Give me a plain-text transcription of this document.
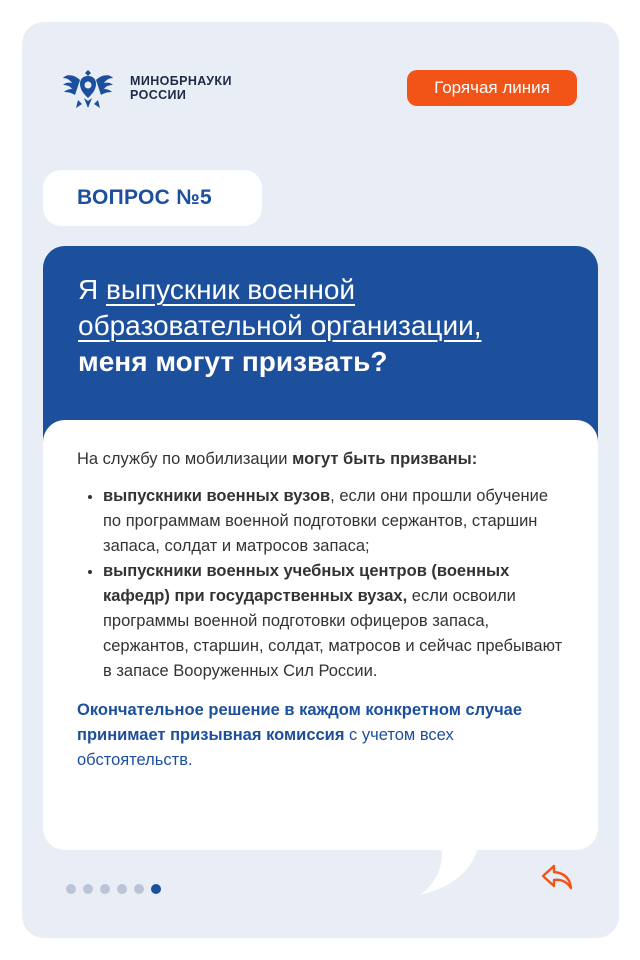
МИНОБРНАУКИ
РОССИИ	Горячая линия
ВОПРОС №5
Я выпускник военной образовательной организации,
меня могут призвать?

На службу по мобилизации могут быть призваны:

• выпускники военных вузов, если они прошли обучение по программам военной подготовки сержантов, старшин запаса, солдат и матросов запаса;
• выпускники военных учебных центров (военных кафедр) при государственных вузах, если освоили программы военной подготовки офицеров запаса, сержантов, старшин, солдат, матросов и сейчас пребывают в запасе Вооруженных Сил России.

Окончательное решение в каждом конкретном случае принимает призывная комиссия с учетом всех обстоятельств.
